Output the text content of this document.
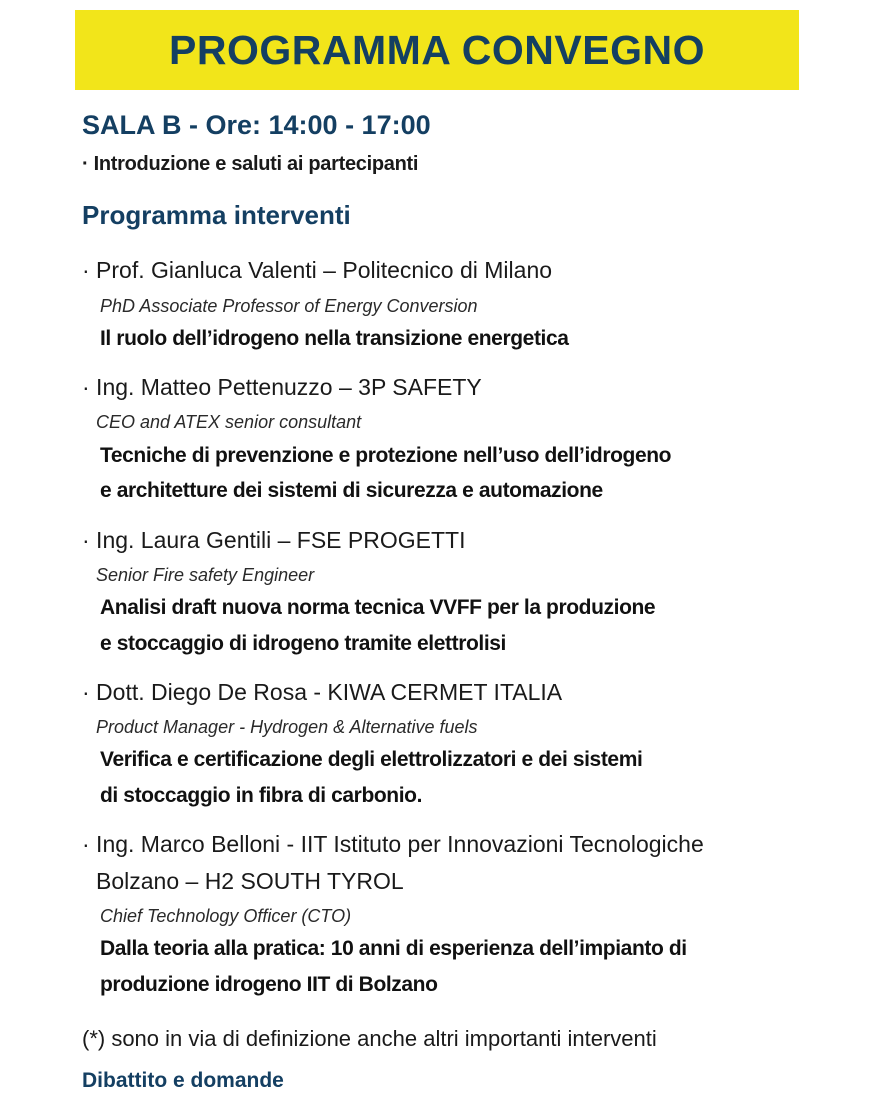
PROGRAMMA CONVEGNO
SALA B - Ore: 14:00 - 17:00
· Introduzione e saluti ai partecipanti
Programma interventi
· Prof. Gianluca Valenti – Politecnico di Milano
PhD Associate Professor of Energy Conversion
Il ruolo dell’idrogeno nella transizione energetica
· Ing. Matteo Pettenuzzo – 3P SAFETY
CEO and ATEX senior consultant
Tecniche di prevenzione e protezione nell’uso dell’idrogeno
e architetture dei sistemi di sicurezza e automazione
· Ing. Laura Gentili – FSE PROGETTI
Senior Fire safety Engineer
Analisi draft nuova norma tecnica VVFF per la produzione
e stoccaggio di idrogeno tramite elettrolisi
· Dott. Diego De Rosa - KIWA CERMET ITALIA
Product Manager - Hydrogen & Alternative fuels
Verifica e certificazione degli elettrolizzatori e dei sistemi
di stoccaggio in fibra di carbonio.
· Ing. Marco Belloni - IIT Istituto per Innovazioni Tecnologiche
Bolzano – H2 SOUTH TYROL
Chief Technology Officer (CTO)
Dalla teoria alla pratica: 10 anni di esperienza dell’impianto di
produzione idrogeno IIT di Bolzano
(*) sono in via di definizione anche altri importanti interventi
Dibattito e domande
